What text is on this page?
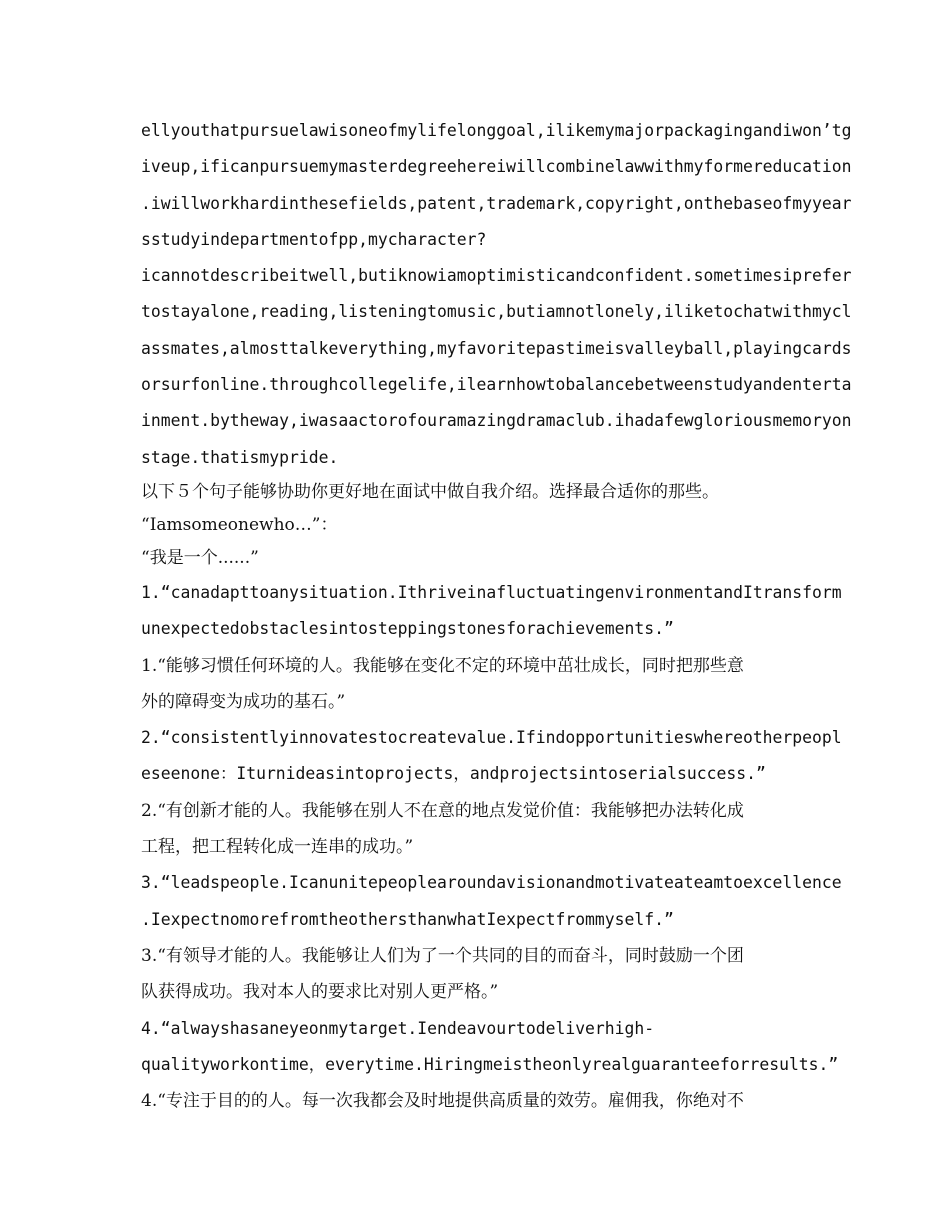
ellyouthatpursuelawisoneofmylifelonggoal,ilikemymajorpackagingandiwon’tg
iveup,ificanpursuemymasterdegreehereiwillcombinelawwithmyformereducation
.iwillworkhardinthesefields,patent,trademark,copyright,onthebaseofmyyear
sstudyindepartmentofpp,mycharacter?
icannotdescribeitwell,butiknowiamoptimisticandconfident.sometimesiprefer
tostayalone,reading,listeningtomusic,butiamnotlonely,iliketochatwithmycl
assmates,almosttalkeverything,myfavoritepastimeisvalleyball,playingcards
orsurfonline.throughcollegelife,ilearnhowtobalancebetweenstudyandenterta
inment.bytheway,iwasaactorofouramazingdramaclub.ihadafewgloriousmemoryon
stage.thatismypride.
以下５个句子能够协助你更好地在面试中做自我介绍。选择最合适你的那些。
“Iamsomeonewho…”：
“我是一个......”
1.“canadapttoanysituation.IthriveinafluctuatingenvironmentandItransform
unexpectedobstaclesintosteppingstonesforachievements.”
1.“能够习惯任何环境的人。我能够在变化不定的环境中茁壮成长，同时把那些意
外的障碍变为成功的基石。”
2.“consistentlyinnovatestocreatevalue.Ifindopportunitieswhereotherpeopl
eseenone：Iturnideasintoprojects，andprojectsintoserialsuccess.”
2.“有创新才能的人。我能够在别人不在意的地点发觉价值：我能够把办法转化成
工程，把工程转化成一连串的成功。”
3.“leadspeople.Icanunitepeoplearoundavisionandmotivateateamtoexcellence
.IexpectnomorefromtheothersthanwhatIexpectfrommyself.”
3.“有领导才能的人。我能够让人们为了一个共同的目的而奋斗，同时鼓励一个团
队获得成功。我对本人的要求比对别人更严格。”
4.“alwayshasaneyeonmytarget.Iendeavourtodeliverhigh-
qualityworkontime，everytime.Hiringmeistheonlyrealguaranteeforresults.”
4.“专注于目的的人。每一次我都会及时地提供高质量的效劳。雇佣我，你绝对不
